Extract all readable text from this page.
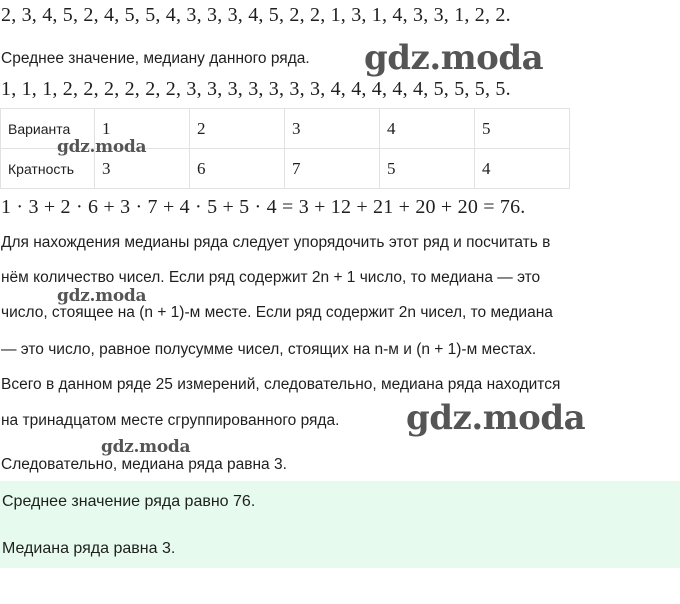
2, 3, 4, 5, 2, 4, 5, 5, 4, 3, 3, 3, 4, 5, 2, 2, 1, 3, 1, 4, 3, 3, 1, 2, 2.
Среднее значение, медиану данного ряда. gdz.moda
1, 1, 1, 2, 2, 2, 2, 2, 2, 3, 3, 3, 3, 3, 3, 3, 4, 4, 4, 4, 4, 5, 5, 5, 5.
Варианта	1	2	3	4	5
Кратность	3	6	7	5	4
gdz.moda
1 · 3 + 2 · 6 + 3 · 7 + 4 · 5 + 5 · 4 = 3 + 12 + 21 + 20 + 20 = 76.
Для нахождения медианы ряда следует упорядочить этот ряд и посчитать в
нём количество чисел. Если ряд содержит 2n + 1 число, то медиана — это
gdz.moda
число, стоящее на (n + 1)-м месте. Если ряд содержит 2n чисел, то медиана
— это число, равное полусумме чисел, стоящих на n-м и (n + 1)-м местах.
Всего в данном ряде 25 измерений, следовательно, медиана ряда находится
на тринадцатом месте сгруппированного ряда. gdz.moda
gdz.moda
Следовательно, медиана ряда равна 3.
Среднее значение ряда равно 76.
Медиана ряда равна 3.
